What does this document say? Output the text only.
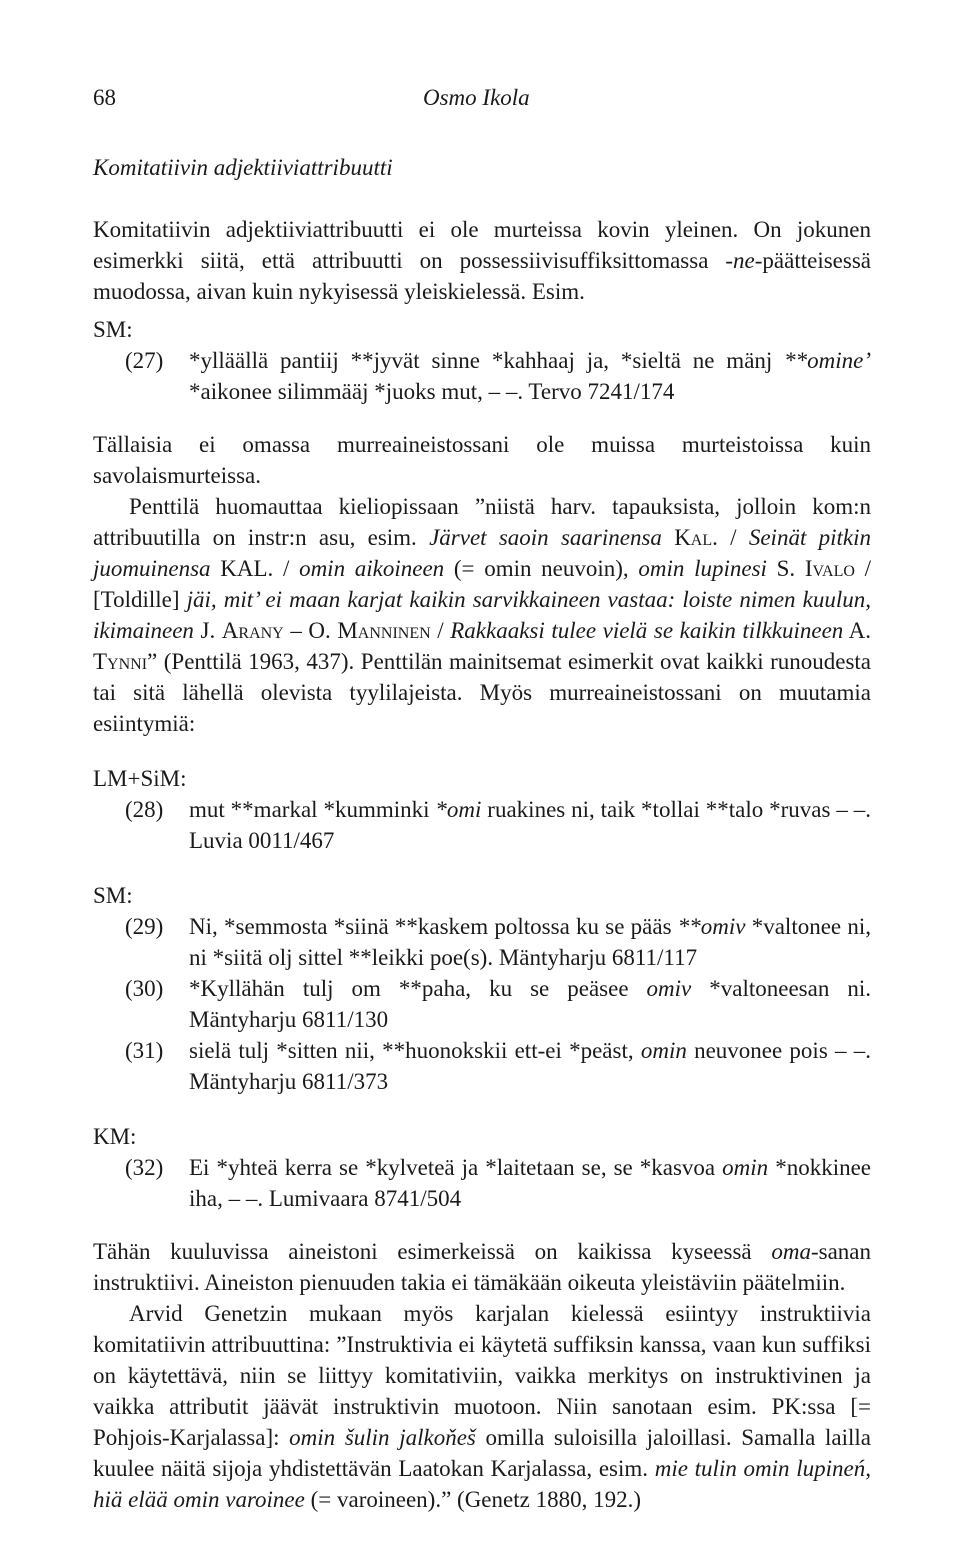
68	Osmo Ikola
Komitatiivin adjektiiviattribuutti

Komitatiivin adjektiiviattribuutti ei ole murteissa kovin yleinen. On jokunen esimerkki siitä, että attribuutti on possessiivisuffiksittomassa -ne-päätteisessä muodossa, aivan kuin nykyisessä yleiskielessä. Esim.

SM:
(27)	*ylläällä pantiij **jyvät sinne *kahhaaj ja, *sieltä ne mänj **omine’ *aikonee silimmääj *juoks mut, – –. Tervo 7241/174

Tällaisia ei omassa murreaineistossani ole muissa murteistoissa kuin savolaismurteissa.

Penttilä huomauttaa kieliopissaan ”niistä harv. tapauksista, jolloin kom:n attribuutilla on instr:n asu, esim. Järvet saoin saarinensa Kal. / Seinät pitkin juomuinensa KAL. / omin aikoineen (= omin neuvoin), omin lupinesi S. Ivalo / [Toldille] jäi, mit’ ei maan karjat kaikin sarvikkaineen vastaa: loiste nimen kuulun, ikimaineen J. Arany – O. Manninen / Rakkaaksi tulee vielä se kaikin tilkkuineen A. Tynni” (Penttilä 1963, 437). Penttilän mainitsemat esimerkit ovat kaikki runoudesta tai sitä lähellä olevista tyylilajeista. Myös murreaineistossani on muutamia esiintymiä:

LM+SiM:
(28)	mut **markal *kumminki *omi ruakines ni, taik *tollai **talo *ruvas – –. Luvia 0011/467
SM:
(29)	Ni, *semmosta *siinä **kaskem poltossa ku se pääs **omiv *valtonee ni, ni *siitä olj sittel **leikki poe(s). Mäntyharju 6811/117
(30)	*Kyllähän tulj om **paha, ku se peäsee omiv *valtoneesan ni. Mäntyharju 6811/130
(31)	sielä tulj *sitten nii, **huonokskii ett-ei *peäst, omin neuvonee pois – –. Mäntyharju 6811/373
KM:
(32)	Ei *yhteä kerra se *kylveteä ja *laitetaan se, se *kasvoa omin *nokkinee iha, – –. Lumivaara 8741/504

Tähän kuuluvissa aineistoni esimerkeissä on kaikissa kyseessä oma-sanan instruktiivi. Aineiston pienuuden takia ei tämäkään oikeuta yleistäviin päätelmiin.

Arvid Genetzin mukaan myös karjalan kielessä esiintyy instruktiivia komitatiivin attribuuttina: ”Instruktivia ei käytetä suffiksin kanssa, vaan kun suffiksi on käytettävä, niin se liittyy komitativiin, vaikka merkitys on instruktivinen ja vaikka attributit jäävät instruktivin muotoon. Niin sanotaan esim. PK:ssa [= Pohjois-Karjalassa]: omin šulin jalkoňeš omilla suloisilla jaloillasi. Samalla lailla kuulee näitä sijoja yhdistettävän Laatokan Karjalassa, esim. mie tulin omin lupineń, hiä elää omin varoinee (= varoineen).” (Genetz 1880, 192.)
